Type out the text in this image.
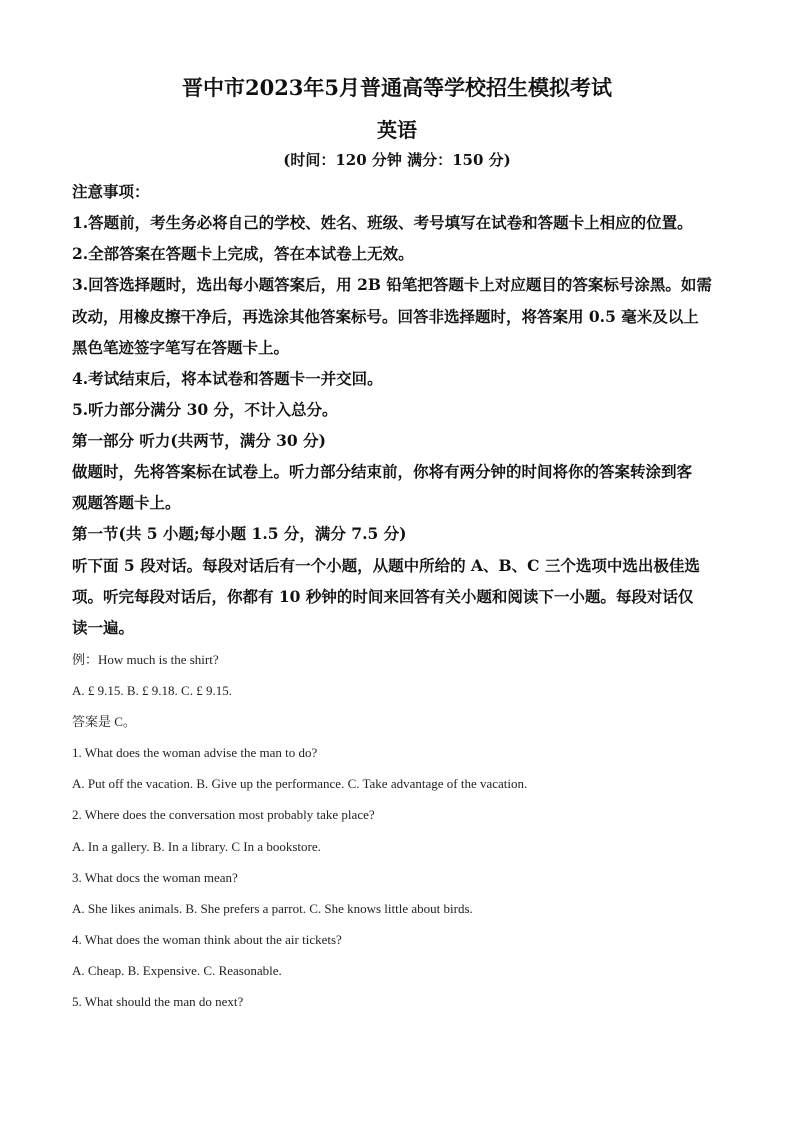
晋中市2023年5月普通高等学校招生模拟考试
英语
(时间：120 分钟 满分：150 分)
注意事项：
1.答题前，考生务必将自己的学校、姓名、班级、考号填写在试卷和答题卡上相应的位置。
2.全部答案在答题卡上完成，答在本试卷上无效。
3.回答选择题时，选出每小题答案后，用 2B 铅笔把答题卡上对应题目的答案标号涂黑。如需
改动，用橡皮擦干净后，再选涂其他答案标号。回答非选择题时，将答案用 0.5 毫米及以上
黑色笔迹签字笔写在答题卡上。
4.考试结束后，将本试卷和答题卡一并交回。
5.听力部分满分 30 分，不计入总分。
第一部分 听力(共两节，满分 30 分)
做题时，先将答案标在试卷上。听力部分结束前，你将有两分钟的时间将你的答案转涂到客
观题答题卡上。
第一节(共 5 小题;每小题 1.5 分，满分 7.5 分)
听下面 5 段对话。每段对话后有一个小题，从题中所给的 A、B、C 三个选项中选出极佳选
项。听完每段对话后，你都有 10 秒钟的时间来回答有关小题和阅读下一小题。每段对话仅
读一遍。
例：How much is the shirt?
A. £ 9.15. B. £ 9.18. C. £ 9.15.
答案是 C。
1. What does the woman advise the man to do?
A. Put off the vacation. B. Give up the performance. C. Take advantage of the vacation.
2. Where does the conversation most probably take place?
A. In a gallery. B. In a library. C In a bookstore.
3. What docs the woman mean?
A. She likes animals. B. She prefers a parrot. C. She knows little about birds.
4. What does the woman think about the air tickets?
A. Cheap. B. Expensive. C. Reasonable.
5. What should the man do next?
